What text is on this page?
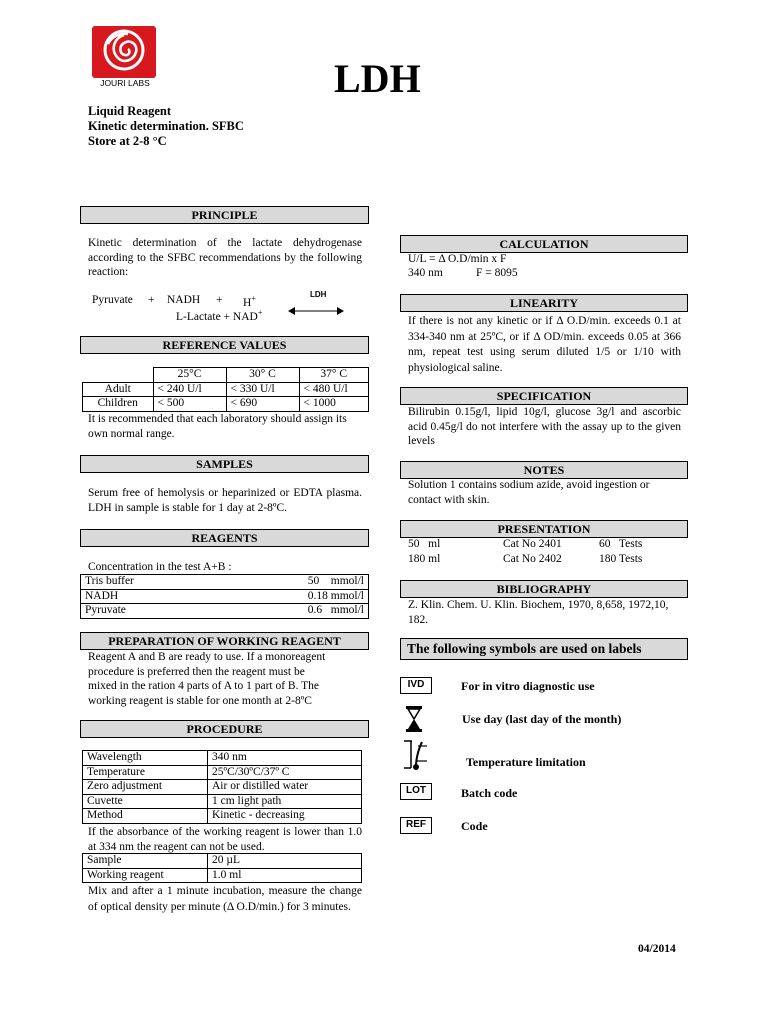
JOURI LABS	LDH
Liquid Reagent
Kinetic determination. SFBC
Store at 2-8 °C
PRINCIPLE
Kinetic determination of the lactate dehydrogenase according to the SFBC recommendations by the following reaction:
Pyruvate + NADH + H+	LDH
L-Lactate + NAD+
REFERENCE VALUES
	25°C	30° C	37° C
Adult	< 240 U/l	< 330 U/l	< 480 U/l
Children	< 500	< 690	< 1000
It is recommended that each laboratory should assign its own normal range.
SAMPLES
Serum free of hemolysis or heparinized or EDTA plasma. LDH in sample is stable for 1 day at 2-8ºC.
REAGENTS
Concentration in the test A+B :
Tris buffer	50    mmol/l
NADH	0.18 mmol/l
Pyruvate	0.6   mmol/l
PREPARATION OF WORKING REAGENT
Reagent A and B are ready to use. If a monoreagent
procedure is preferred then the reagent must be
mixed in the ration 4 parts of A to 1 part of B. The
working reagent is stable for one month at 2-8ºC
PROCEDURE
Wavelength	340 nm
Temperature	25ºC/30ºC/37º C
Zero adjustment	Air or distilled water
Cuvette	1 cm light path
Method	Kinetic - decreasing
If the absorbance of the working reagent is lower than 1.0 at 334 nm the reagent can not be used.
Sample	20 µL
Working reagent	1.0 ml
Mix and after a 1 minute incubation, measure the change of optical density per minute (Δ O.D/min.) for 3 minutes.
CALCULATION
U/L = Δ O.D/min x F
340 nm	F = 8095
LINEARITY
If there is not any kinetic or if Δ O.D/min. exceeds 0.1 at 334-340 nm at 25ºC, or if Δ OD/min. exceeds 0.05 at 366 nm, repeat test using serum diluted 1/5 or 1/10 with physiological saline.
SPECIFICATION
Bilirubin 0.15g/l, lipid 10g/l, glucose 3g/l and ascorbic acid 0.45g/l do not interfere with the assay up to the given levels
NOTES
Solution 1 contains sodium azide, avoid ingestion or contact with skin.
PRESENTATION
50   ml	Cat No 2401	60   Tests
180 ml	Cat No 2402	180 Tests
BIBLIOGRAPHY
Z. Klin. Chem. U. Klin. Biochem, 1970, 8,658, 1972,10, 182.
The following symbols are used on labels
IVD	For in vitro diagnostic use
Use day (last day of the month)
Temperature limitation
LOT	Batch code
REF	Code
04/2014
